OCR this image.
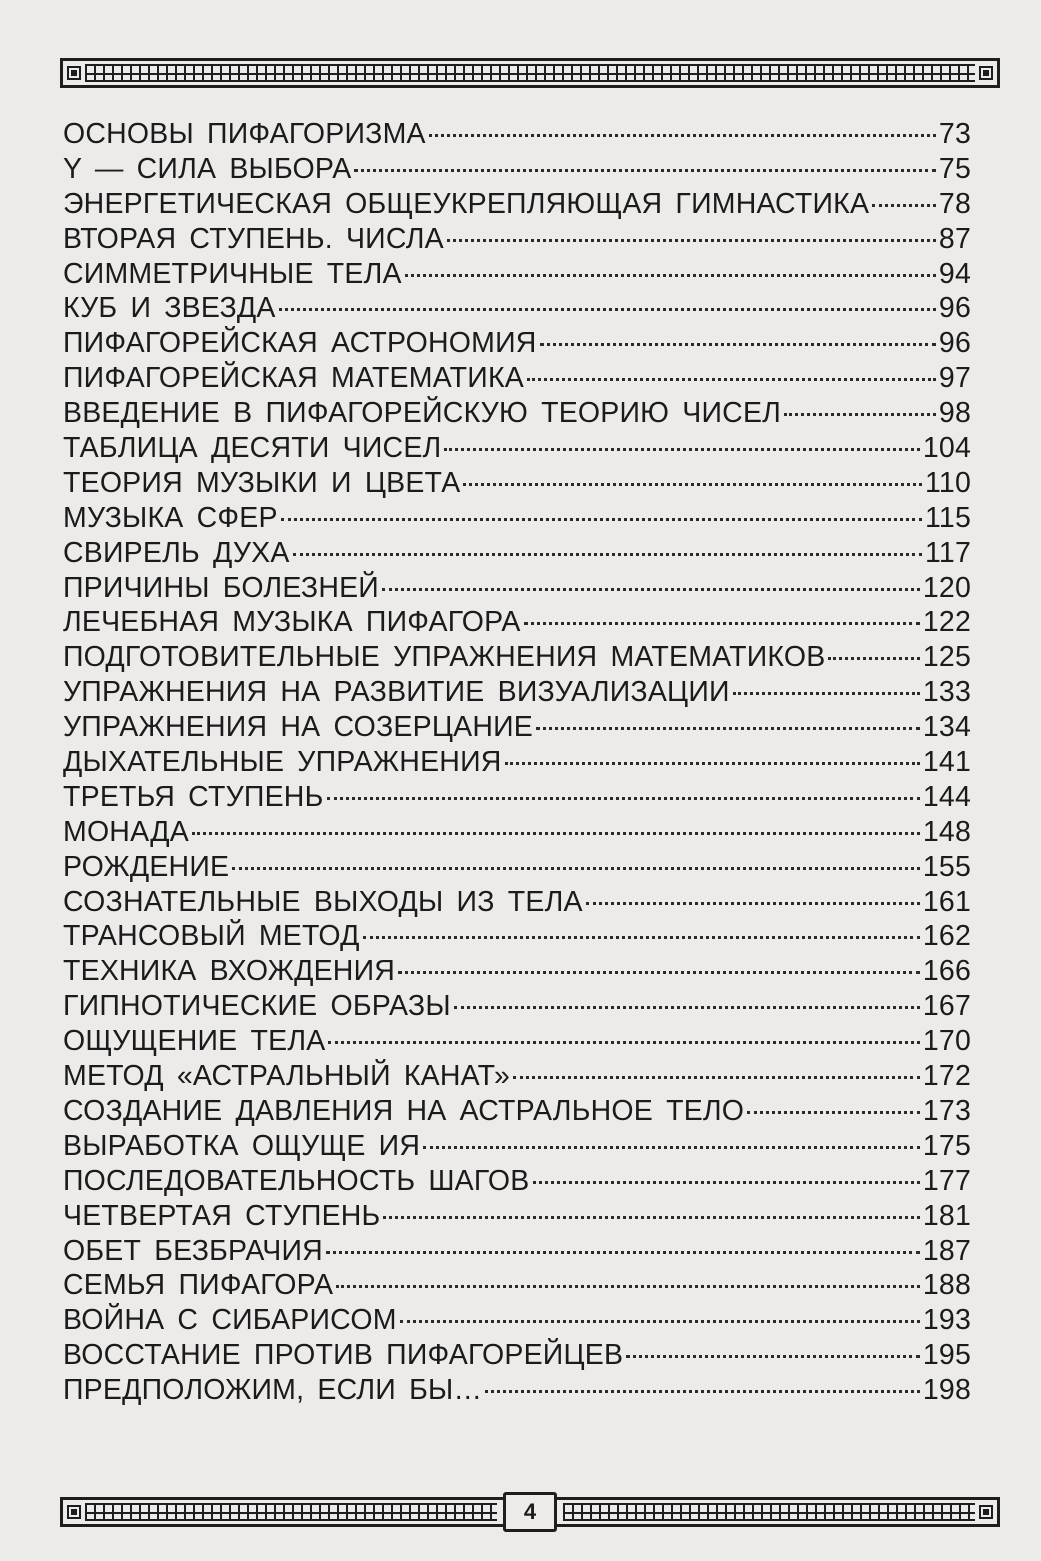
ОСНОВЫ ПИФАГОРИЗМА	73
Y — СИЛА ВЫБОРА	75
ЭНЕРГЕТИЧЕСКАЯ ОБЩЕУКРЕПЛЯЮЩАЯ ГИМНАСТИКА 78
ВТОРАЯ СТУПЕНЬ. ЧИСЛА	87
СИММЕТРИЧНЫЕ ТЕЛА	94
КУБ И ЗВЕЗДА	96
ПИФАГОРЕЙСКАЯ АСТРОНОМИЯ	96
ПИФАГОРЕЙСКАЯ МАТЕМАТИКА	97
ВВЕДЕНИЕ В ПИФАГОРЕЙСКУЮ ТЕОРИЮ ЧИСЕЛ	98
ТАБЛИЦА ДЕСЯТИ ЧИСЕЛ	104
ТЕОРИЯ МУЗЫКИ И ЦВЕТА	110
МУЗЫКА СФЕР	115
СВИРЕЛЬ ДУХА	117
ПРИЧИНЫ БОЛЕЗНЕЙ	120
ЛЕЧЕБНАЯ МУЗЫКА ПИФАГОРА	122
ПОДГОТОВИТЕЛЬНЫЕ УПРАЖНЕНИЯ МАТЕМАТИКОВ	125
УПРАЖНЕНИЯ НА РАЗВИТИЕ ВИЗУАЛИЗАЦИИ	133
УПРАЖНЕНИЯ НА СОЗЕРЦАНИЕ	134
ДЫХАТЕЛЬНЫЕ УПРАЖНЕНИЯ	141
ТРЕТЬЯ СТУПЕНЬ	144
МОНАДА	148
РОЖДЕНИЕ	155
СОЗНАТЕЛЬНЫЕ ВЫХОДЫ ИЗ ТЕЛА	161
ТРАНСОВЫЙ МЕТОД	162
ТЕХНИКА ВХОЖДЕНИЯ	166
ГИПНОТИЧЕСКИЕ ОБРАЗЫ	167
ОЩУЩЕНИЕ ТЕЛА	170
МЕТОД «АСТРАЛЬНЫЙ КАНАТ»	172
СОЗДАНИЕ ДАВЛЕНИЯ НА АСТРАЛЬНОЕ ТЕЛО	173
ВЫРАБОТКА ОЩУЩЕ ИЯ	175
ПОСЛЕДОВАТЕЛЬНОСТЬ ШАГОВ	177
ЧЕТВЕРТАЯ СТУПЕНЬ	181
ОБЕТ БЕЗБРАЧИЯ	187
СЕМЬЯ ПИФАГОРА	188
ВОЙНА С СИБАРИСОМ	193
ВОССТАНИЕ ПРОТИВ ПИФАГОРЕЙЦЕВ	195
ПРЕДПОЛОЖИМ, ЕСЛИ БЫ…	198
4
